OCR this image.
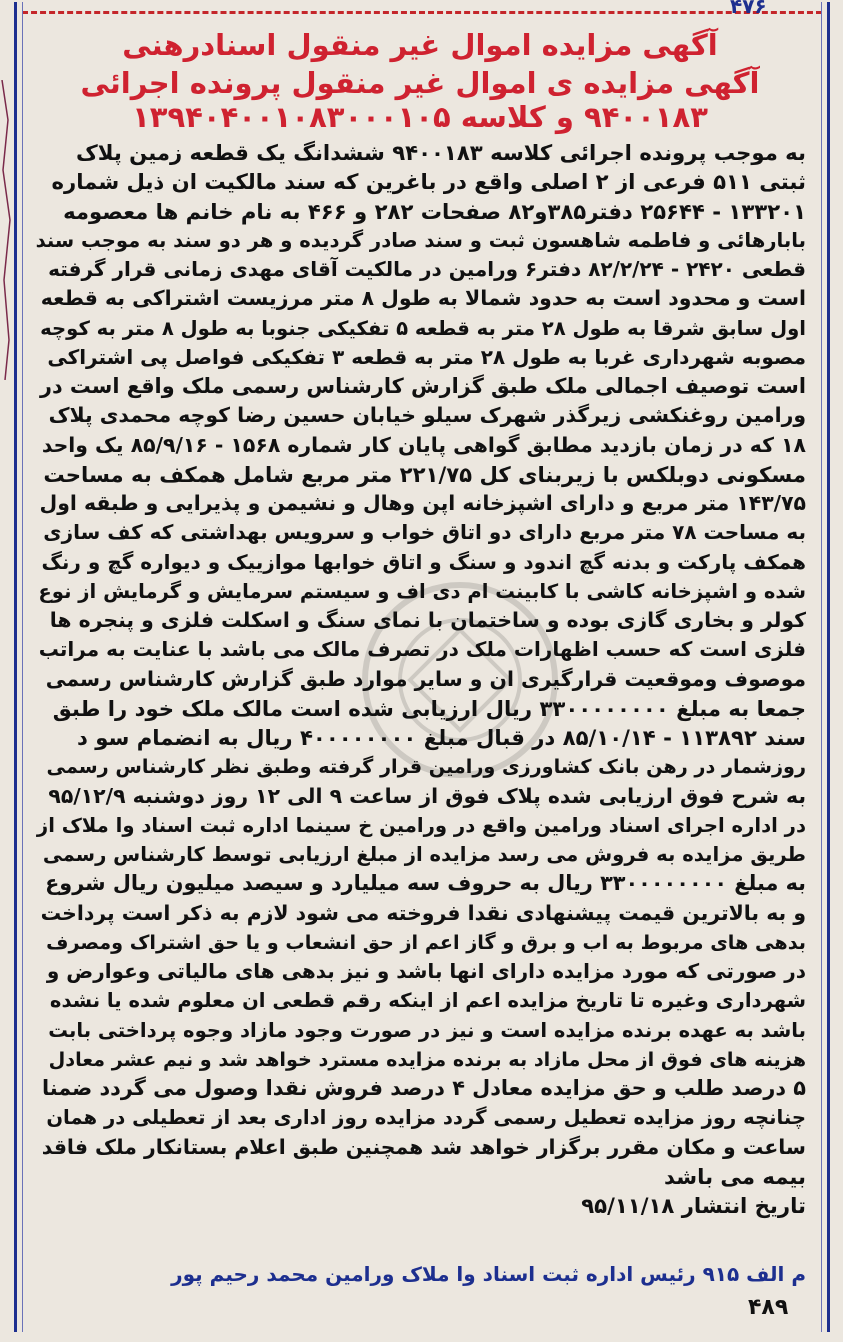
۴۷۶
آگهی مزایده اموال غیر منقول اسنادرهنی
آگهی مزایده ی اموال غیر منقول پرونده اجرائی
۹۴۰۰۱۸۳ و کلاسه ۱۳۹۴۰۴۰۰۱۰۸۳۰۰۰۱۰۵
به موجب پرونده اجرائی کلاسه ۹۴۰۰۱۸۳ ششدانگ یک قطعه زمین پلاک
ثبتی ۵۱۱ فرعی از ۲ اصلی واقع در باغرین که سند مالکیت ان ذیل شماره
۱۳۳۲۰۱ - ۲۵۶۴۴ دفتر۳۸۵و۸۲ صفحات ۲۸۲ و ۴۶۶ به نام خانم ها معصومه
بابارهائی و فاطمه شاهسون ثبت و سند صادر گردیده و هر دو سند به موجب سند
قطعی ۲۴۲۰ - ۸۲/۲/۲۴ دفتر۶ ورامین در مالکیت آقای مهدی زمانی قرار گرفته
است و محدود است به حدود شمالا به طول ۸ متر مرزیست اشتراکی به قطعه
اول سابق شرقا به طول ۲۸ متر به قطعه ۵ تفکیکی جنوبا به طول ۸ متر به کوچه
مصوبه شهرداری غربا به طول ۲۸ متر به قطعه ۳ تفکیکی فواصل پی اشتراکی
است توصیف اجمالی ملک طبق گزارش کارشناس رسمی ملک واقع است در
ورامین روغنکشی زیرگذر شهرک سیلو خیابان حسین رضا کوچه محمدی پلاک
۱۸ که در زمان بازدید مطابق گواهی پایان کار شماره ۱۵۶۸ - ۸۵/۹/۱۶ یک واحد
مسکونی دوبلکس با زیربنای کل ۲۲۱/۷۵ متر مربع شامل همکف به مساحت
۱۴۳/۷۵ متر مربع و دارای اشپزخانه اپن وهال و نشیمن و پذیرایی و طبقه اول
به مساحت ۷۸ متر مربع دارای دو اتاق خواب و سرویس بهداشتی که کف سازی
همکف پارکت و بدنه گچ اندود و سنگ و اتاق خوابها موازییک و دیواره گچ و رنگ
شده و اشپزخانه کاشی با کابینت ام دی اف و سیستم سرمایش و گرمایش از نوع
کولر و بخاری گازی بوده و ساختمان با نمای سنگ و اسکلت فلزی و پنجره ها
فلزی است که حسب اظهارات ملک در تصرف مالک می باشد با عنایت به مراتب
موصوف وموقعیت قرارگیری ان و سایر موارد طبق گزارش کارشناس رسمی
جمعا به مبلغ ۳۳۰۰۰۰۰۰۰۰ ریال ارزیابی شده است مالک ملک خود را طبق
سند ۱۱۳۸۹۲ - ۸۵/۱۰/۱۴ در قبال مبلغ ۴۰۰۰۰۰۰۰۰ ریال به انضمام سو د
روزشمار در رهن بانک کشاورزی ورامین قرار گرفته وطبق نظر کارشناس رسمی
به شرح فوق ارزیابی شده پلاک فوق از ساعت ۹ الی ۱۲ روز دوشنبه ۹۵/۱۲/۹
در اداره اجرای اسناد ورامین واقع در ورامین خ سینما اداره ثبت اسناد وا ملاک از
طریق مزایده به فروش می رسد مزایده از مبلغ ارزیابی توسط کارشناس رسمی
به مبلغ ۳۳۰۰۰۰۰۰۰۰ ریال به حروف سه میلیارد و سیصد میلیون ریال شروع
و به بالاترین قیمت پیشنهادی نقدا فروخته می شود لازم به ذکر است پرداخت
بدهی های مربوط به اب و برق و گاز اعم از حق انشعاب و یا حق اشتراک ومصرف
در صورتی که مورد مزایده دارای انها باشد و نیز بدهی های مالیاتی وعوارض و
شهرداری وغیره تا تاریخ مزایده اعم از اینکه رقم قطعی ان معلوم شده یا نشده
باشد به عهده برنده مزایده است و نیز در صورت وجود مازاد وجوه پرداختی بابت
هزینه های فوق از محل مازاد به برنده مزایده مسترد خواهد شد و نیم عشر معادل
۵ درصد طلب و حق مزایده معادل ۴ درصد فروش نقدا وصول می گردد ضمنا
چنانچه روز مزایده تعطیل رسمی گردد مزایده روز اداری بعد از تعطیلی در همان
ساعت و مکان مقرر برگزار خواهد شد همچنین طبق اعلام بستانکار ملک فاقد
بیمه می باشد
تاریخ انتشار ۹۵/۱۱/۱۸
م الف ۹۱۵ رئیس اداره ثبت اسناد وا ملاک ورامین محمد رحیم پور
۴۸۹
